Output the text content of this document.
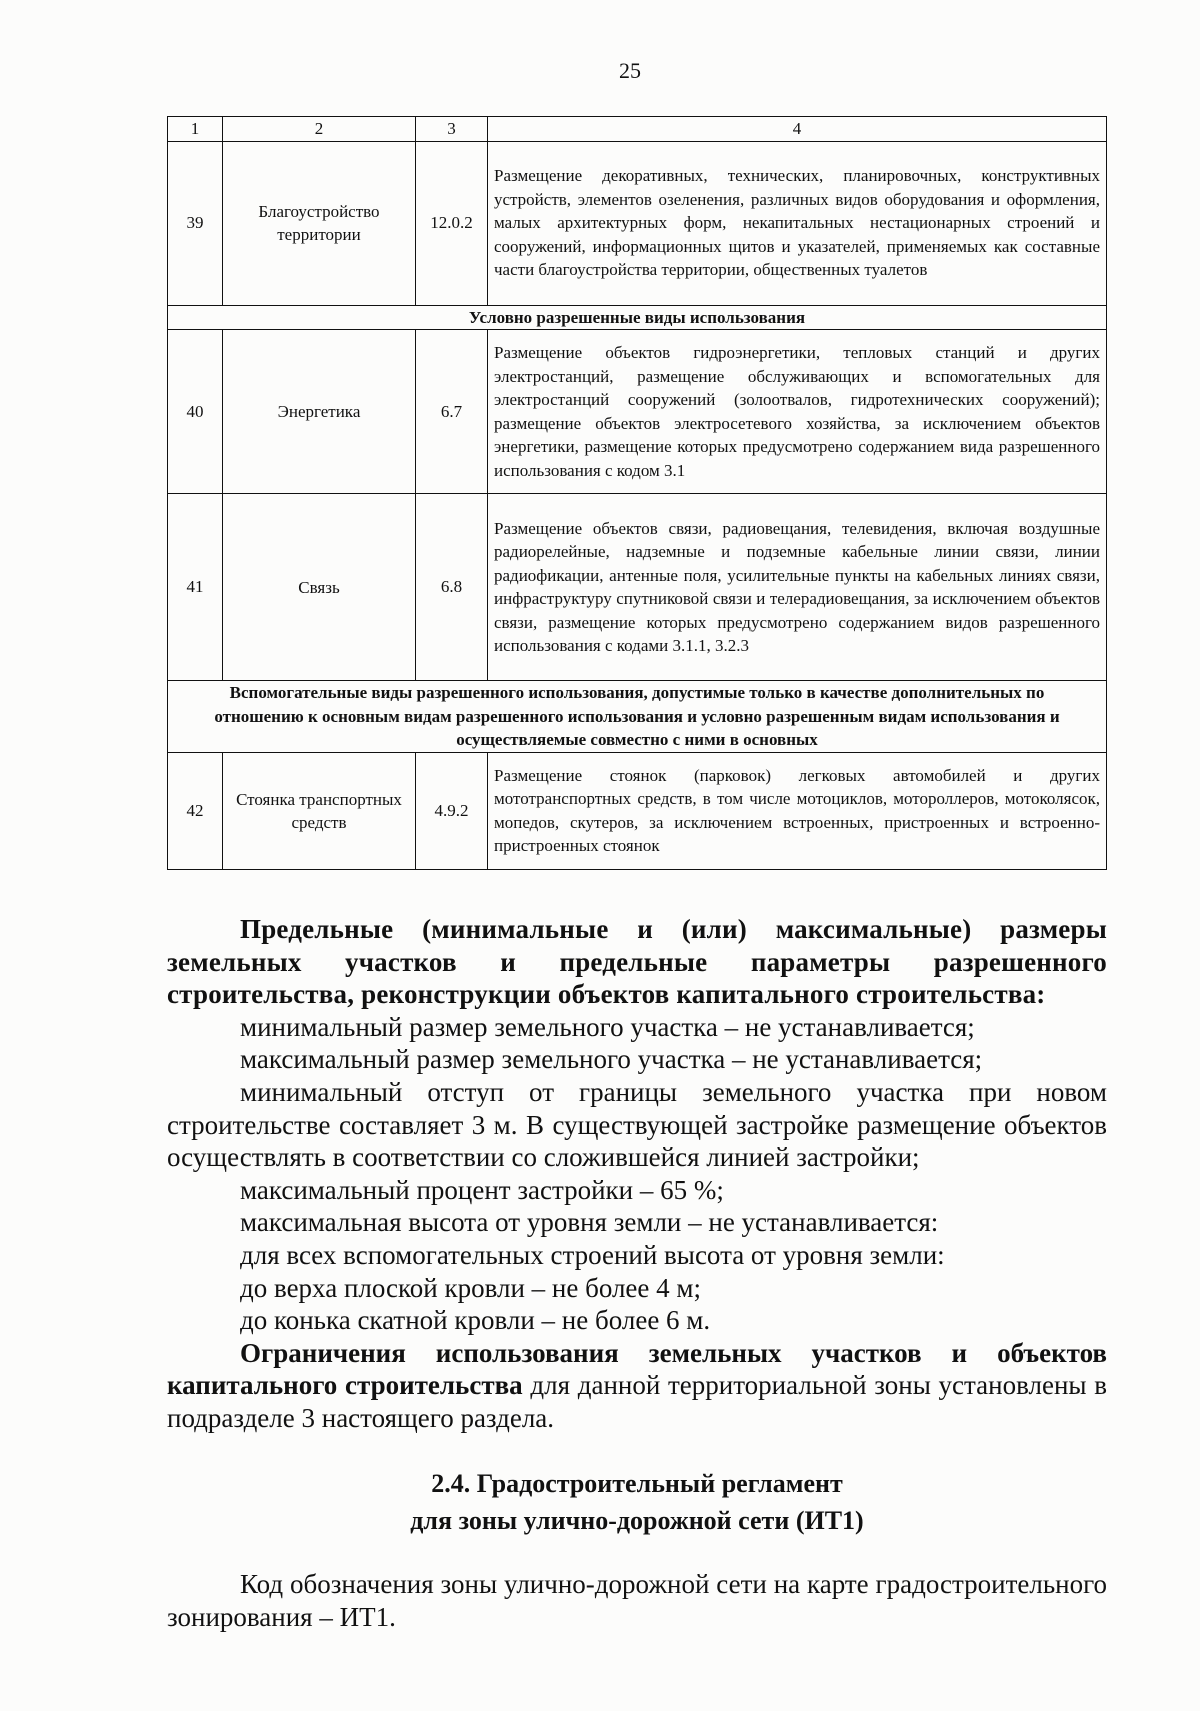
25
1	2	3	4
39	Благоустройство территории	12.0.2	Размещение декоративных, технических, планировочных, конструктивных устройств, элементов озеленения, различных видов оборудования и оформления, малых архитектурных форм, некапитальных нестационарных строений и сооружений, информационных щитов и указателей, применяемых как составные части благоустройства территории, общественных туалетов
Условно разрешенные виды использования			
40	Энергетика	6.7	Размещение объектов гидроэнергетики, тепловых станций и других электростанций, размещение обслуживающих и вспомогательных для электростанций сооружений (золоотвалов, гидротехнических сооружений); размещение объектов электросетевого хозяйства, за исключением объектов энергетики, размещение которых предусмотрено содержанием вида разрешенного использования с кодом 3.1
41	Связь	6.8	Размещение объектов связи, радиовещания, телевидения, включая воздушные радиорелейные, надземные и подземные кабельные линии связи, линии радиофикации, антенные поля, усилительные пункты на кабельных линиях связи, инфраструктуру спутниковой связи и телерадиовещания, за исключением объектов связи, размещение которых предусмотрено содержанием видов разрешенного использования с кодами 3.1.1, 3.2.3
Вспомогательные виды разрешенного использования, допустимые только в качестве дополнительных по отношению к основным видам разрешенного использования и условно разрешенным видам использования и осуществляемые совместно с ними в основных			
42	Стоянка транспортных средств	4.9.2	Размещение стоянок (парковок) легковых автомобилей и других мототранспортных средств, в том числе мотоциклов, мотороллеров, мотоколясок, мопедов, скутеров, за исключением встроенных, пристроенных и встроенно-пристроенных стоянок

Предельные (минимальные и (или) максимальные) размеры земельных участков и предельные параметры разрешенного строительства, реконструкции объектов капитального строительства:

минимальный размер земельного участка – не устанавливается;

максимальный размер земельного участка – не устанавливается;

минимальный отступ от границы земельного участка при новом строительстве составляет 3 м. В существующей застройке размещение объектов осуществлять в соответствии со сложившейся линией застройки;

максимальный процент застройки – 65 %;

максимальная высота от уровня земли – не устанавливается:

для всех вспомогательных строений высота от уровня земли:

до верха плоской кровли – не более 4 м;

до конька скатной кровли – не более 6 м.

Ограничения использования земельных участков и объектов капитального строительства для данной территориальной зоны установлены в подразделе 3 настоящего раздела.

2.4. Градостроительный регламент
для зоны улично-дорожной сети (ИТ1)

Код обозначения зоны улично-дорожной сети на карте градостроительного зонирования – ИТ1.
